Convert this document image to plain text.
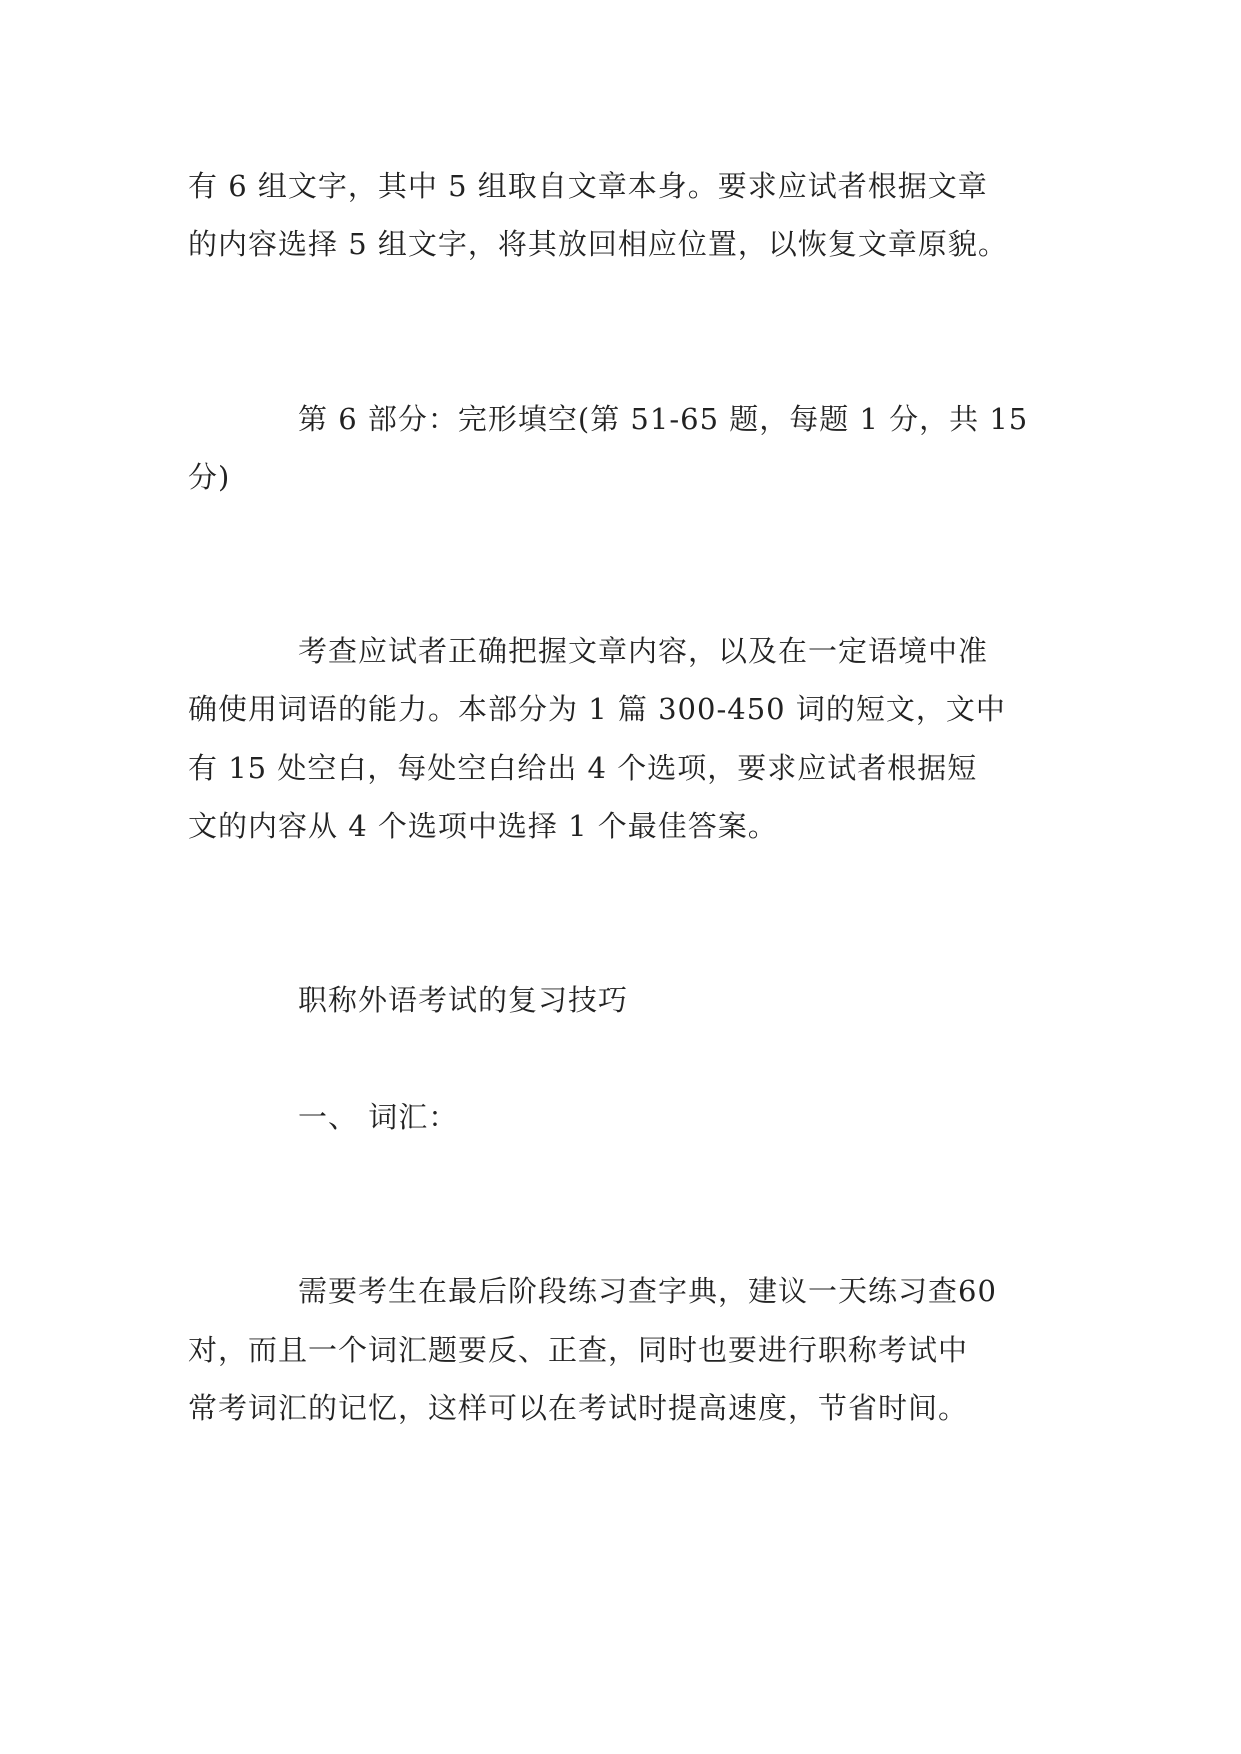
有 6 组文字，其中 5 组取自文章本身。要求应试者根据文章
的内容选择 5 组文字，将其放回相应位置，以恢复文章原貌。
第 6 部分：完形填空(第 51-65 题，每题 1 分，共 15
分)
考查应试者正确把握文章内容，以及在一定语境中准
确使用词语的能力。本部分为 1 篇 300-450 词的短文，文中
有 15 处空白，每处空白给出 4 个选项，要求应试者根据短
文的内容从 4 个选项中选择 1 个最佳答案。
职称外语考试的复习技巧
一、 词汇：
需要考生在最后阶段练习查字典，建议一天练习查60
对，而且一个词汇题要反、正查，同时也要进行职称考试中
常考词汇的记忆，这样可以在考试时提高速度，节省时间。
